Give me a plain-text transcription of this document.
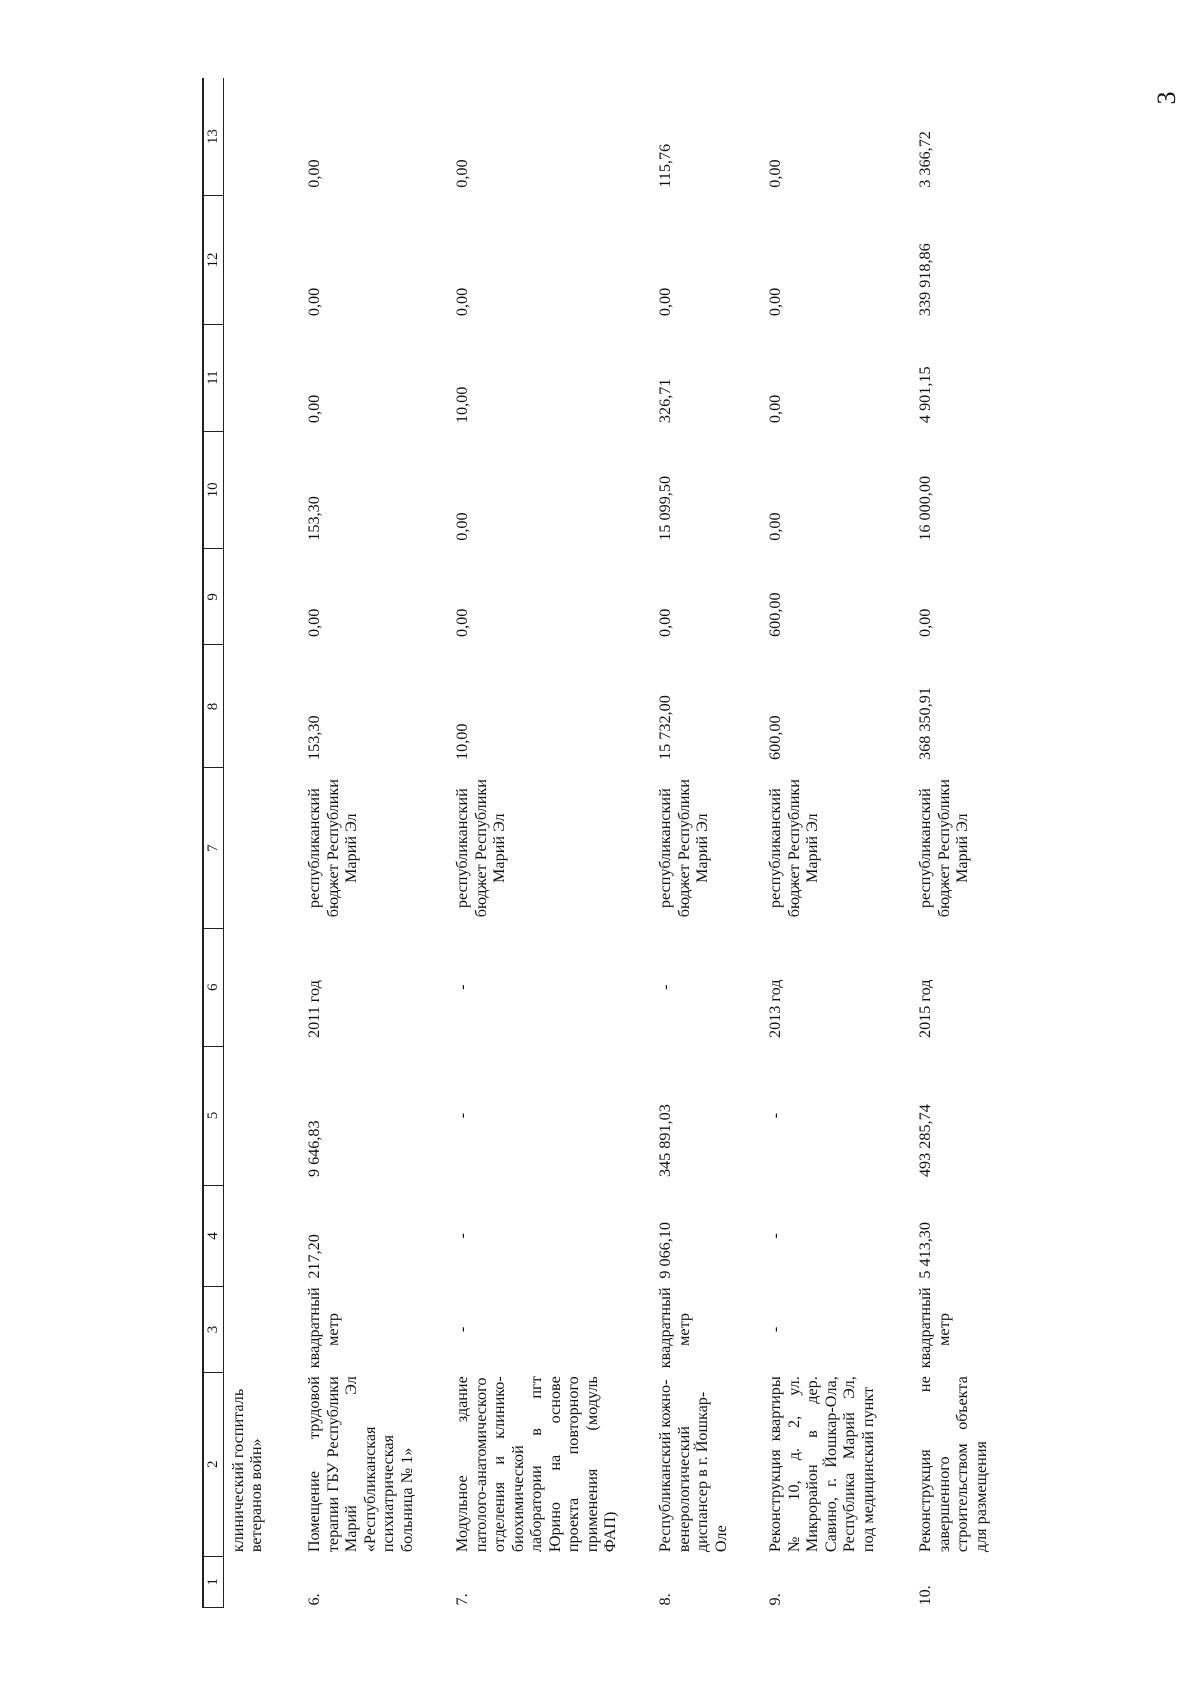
3
1	2	3	4	5	6	7	8	9	10	11	12	13
	клинический госпиталь ветеранов войн»											
6.	Помещение трудовой терапии ГБУ Республики Марий Эл «Республиканская психиатрическая больница № 1»	квадратный метр	217,20	9 646,83	2011 год	республиканский бюджет Республики Марий Эл	153,30	0,00	153,30	0,00	0,00	0,00
7.	Модульное здание патолого-анатомического отделения и клинико-биохимической лаборатории в пгт Юрино на основе проекта повторного применения (модуль ФАП)	-	-	-	-	республиканский бюджет Республики Марий Эл	10,00	0,00	0,00	10,00	0,00	0,00
8.	Республиканский кожно-венерологический диспансер в г. Йошкар-Оле	квадратный метр	9 066,10	345 891,03	-	республиканский бюджет Республики Марий Эл	15 732,00	0,00	15 099,50	326,71	0,00	115,76
9.	Реконструкция квартиры № 10, д. 2, ул. Микрорайон в дер. Савино, г. Йошкар-Ола, Республика Марий Эл, под медицинский пункт	-	-	-	2013 год	республиканский бюджет Республики Марий Эл	600,00	600,00	0,00	0,00	0,00	0,00
10.	Реконструкция не завершенного строительством объекта для размещения	квадратный метр	5 413,30	493 285,74	2015 год	республиканский бюджет Республики Марий Эл	368 350,91	0,00	16 000,00	4 901,15	339 918,86	3 366,72
